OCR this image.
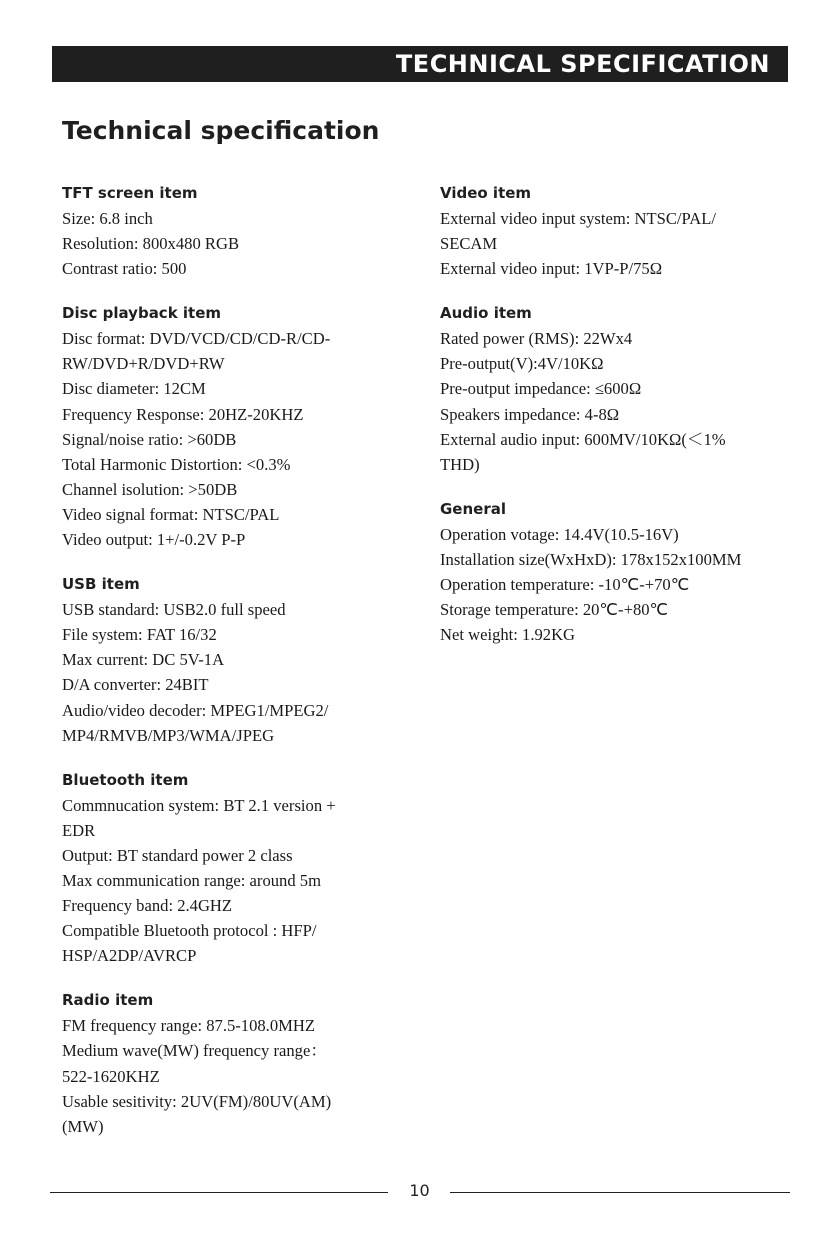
TECHNICAL SPECIFICATION
Technical specification
TFT screen item
Size: 6.8 inch
Resolution: 800x480 RGB
Contrast ratio: 500
Disc playback item
Disc format: DVD/VCD/CD/CD-R/CD-
RW/DVD+R/DVD+RW
Disc diameter: 12CM
Frequency Response: 20HZ-20KHZ
Signal/noise ratio: >60DB
Total Harmonic Distortion: <0.3%
Channel isolution: >50DB
Video signal format: NTSC/PAL
Video output: 1+/-0.2V P-P
USB item
USB standard: USB2.0 full speed
File system: FAT 16/32
Max current: DC 5V-1A
D/A converter: 24BIT
Audio/video decoder: MPEG1/MPEG2/
MP4/RMVB/MP3/WMA/JPEG
Bluetooth item
Commnucation system: BT 2.1 version +
EDR
Output: BT standard power 2 class
Max communication range: around 5m
Frequency band: 2.4GHZ
Compatible Bluetooth protocol : HFP/
HSP/A2DP/AVRCP
Radio item
FM frequency range: 87.5-108.0MHZ
Medium wave(MW) frequency range：
522-1620KHZ
Usable sesitivity: 2UV(FM)/80UV(AM)
(MW)
Video item
External video input system: NTSC/PAL/
SECAM
External video input: 1VP-P/75Ω
Audio item
Rated power (RMS): 22Wx4
Pre-output(V):4V/10KΩ
Pre-output impedance: ≤600Ω
Speakers impedance: 4-8Ω
External audio input: 600MV/10KΩ(＜1%
THD)
General
Operation votage: 14.4V(10.5-16V)
Installation size(WxHxD): 178x152x100MM
Operation temperature: -10℃-+70℃
Storage temperature: 20℃-+80℃
Net weight: 1.92KG
10
